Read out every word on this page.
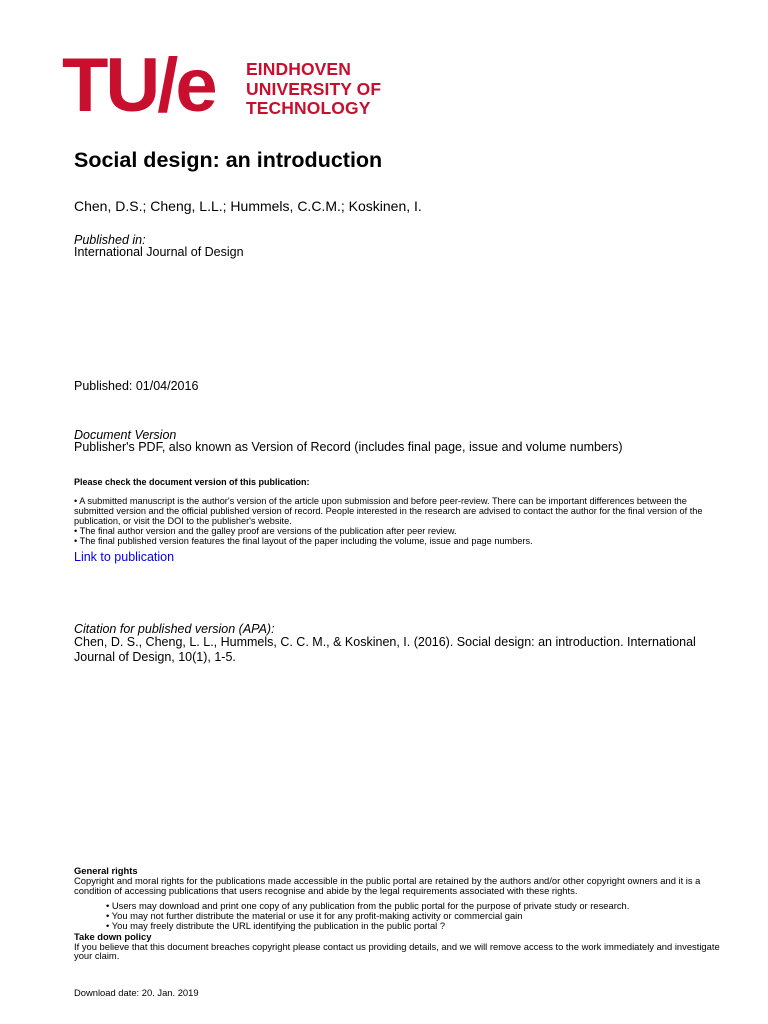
TU/e EINDHOVEN
UNIVERSITY OF
TECHNOLOGY
Social design: an introduction
Chen, D.S.; Cheng, L.L.; Hummels, C.C.M.; Koskinen, I.
Published in:
International Journal of Design
Published: 01/04/2016
Document Version
Publisher's PDF, also known as Version of Record (includes final page, issue and volume numbers)
Please check the document version of this publication:

• A submitted manuscript is the author's version of the article upon submission and before peer-review. There can be important differences between the submitted version and the official published version of record. People interested in the research are advised to contact the author for the final version of the publication, or visit the DOI to the publisher's website.

• The final author version and the galley proof are versions of the publication after peer review.

• The final published version features the final layout of the paper including the volume, issue and page numbers.

Link to publication
Citation for published version (APA):
Chen, D. S., Cheng, L. L., Hummels, C. C. M., & Koskinen, I. (2016). Social design: an introduction. International Journal of Design, 10(1), 1-5.
General rights
Copyright and moral rights for the publications made accessible in the public portal are retained by the authors and/or other copyright owners and it is a condition of accessing publications that users recognise and abide by the legal requirements associated with these rights.
• Users may download and print one copy of any publication from the public portal for the purpose of private study or research.
• You may not further distribute the material or use it for any profit-making activity or commercial gain
• You may freely distribute the URL identifying the publication in the public portal ?
Take down policy
If you believe that this document breaches copyright please contact us providing details, and we will remove access to the work immediately and investigate your claim.
Download date: 20. Jan. 2019
